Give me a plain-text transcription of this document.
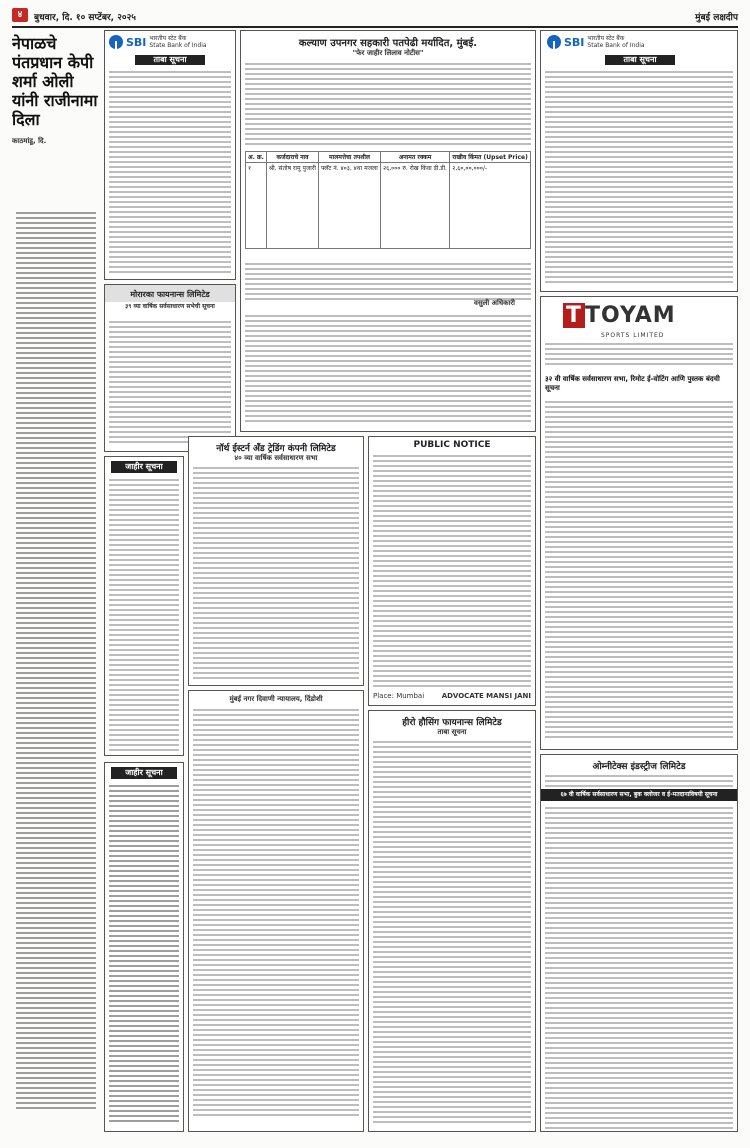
४	बुधवार, दि. १० सप्टेंबर, २०२५	मुंबई लक्षदीप
नेपाळचे पंतप्रधान केपी शर्मा ओली यांनी राजीनामा दिला
काठमांडू, दि.
SBI भारतीय स्टेट बैंक
State Bank of India
ताबा सूचना
मोरारका फायनान्स लिमिटेड
३९ व्या वार्षिक सर्वसाधारण सभेची सूचना
जाहीर सूचना
जाहीर सूचना
कल्याण उपनगर सहकारी पतपेढी मर्यादित, मुंबई.
"फेर जाहीर लिलाव नोटीस"
अ. क्र.	कर्जदाराचे नाव	मालमत्तेचा तपशील	अनामत रक्कम	राखीव किंमत (Upset Price)
१	श्री. संतोष रामू पुजारी	फ्लॅट नं. ४०३, ४था मजला	२६,००० रु. रोख किंवा डी.डी.	२,६०,००,०००/-
वसुली अधिकारी
नॉर्थ ईस्टर्न अँड ट्रेडिंग कंपनी लिमिटेड
४० व्या वार्षिक सर्वसाधारण सभा
मुंबई नगर दिवाणी न्यायालय, दिंडोशी
PUBLIC NOTICE
Place: Mumbai	ADVOCATE MANSI JANI
हीरो हौसिंग फायनान्स लिमिटेड
ताबा सूचना
SBI भारतीय स्टेट बैंक
State Bank of India
ताबा सूचना
T TOYAM
SPORTS LIMITED
३२ वी वार्षिक सर्वसाधारण सभा, रिमोट ई-वोटिंग आणि पुस्तक बंदची सूचना
ओम्नीटेक्स इंडस्ट्रीज लिमिटेड
६७ वी वार्षिक सर्वसाधारण सभा, बुक क्लोजर व ई-मतदानाविषयी सूचना
